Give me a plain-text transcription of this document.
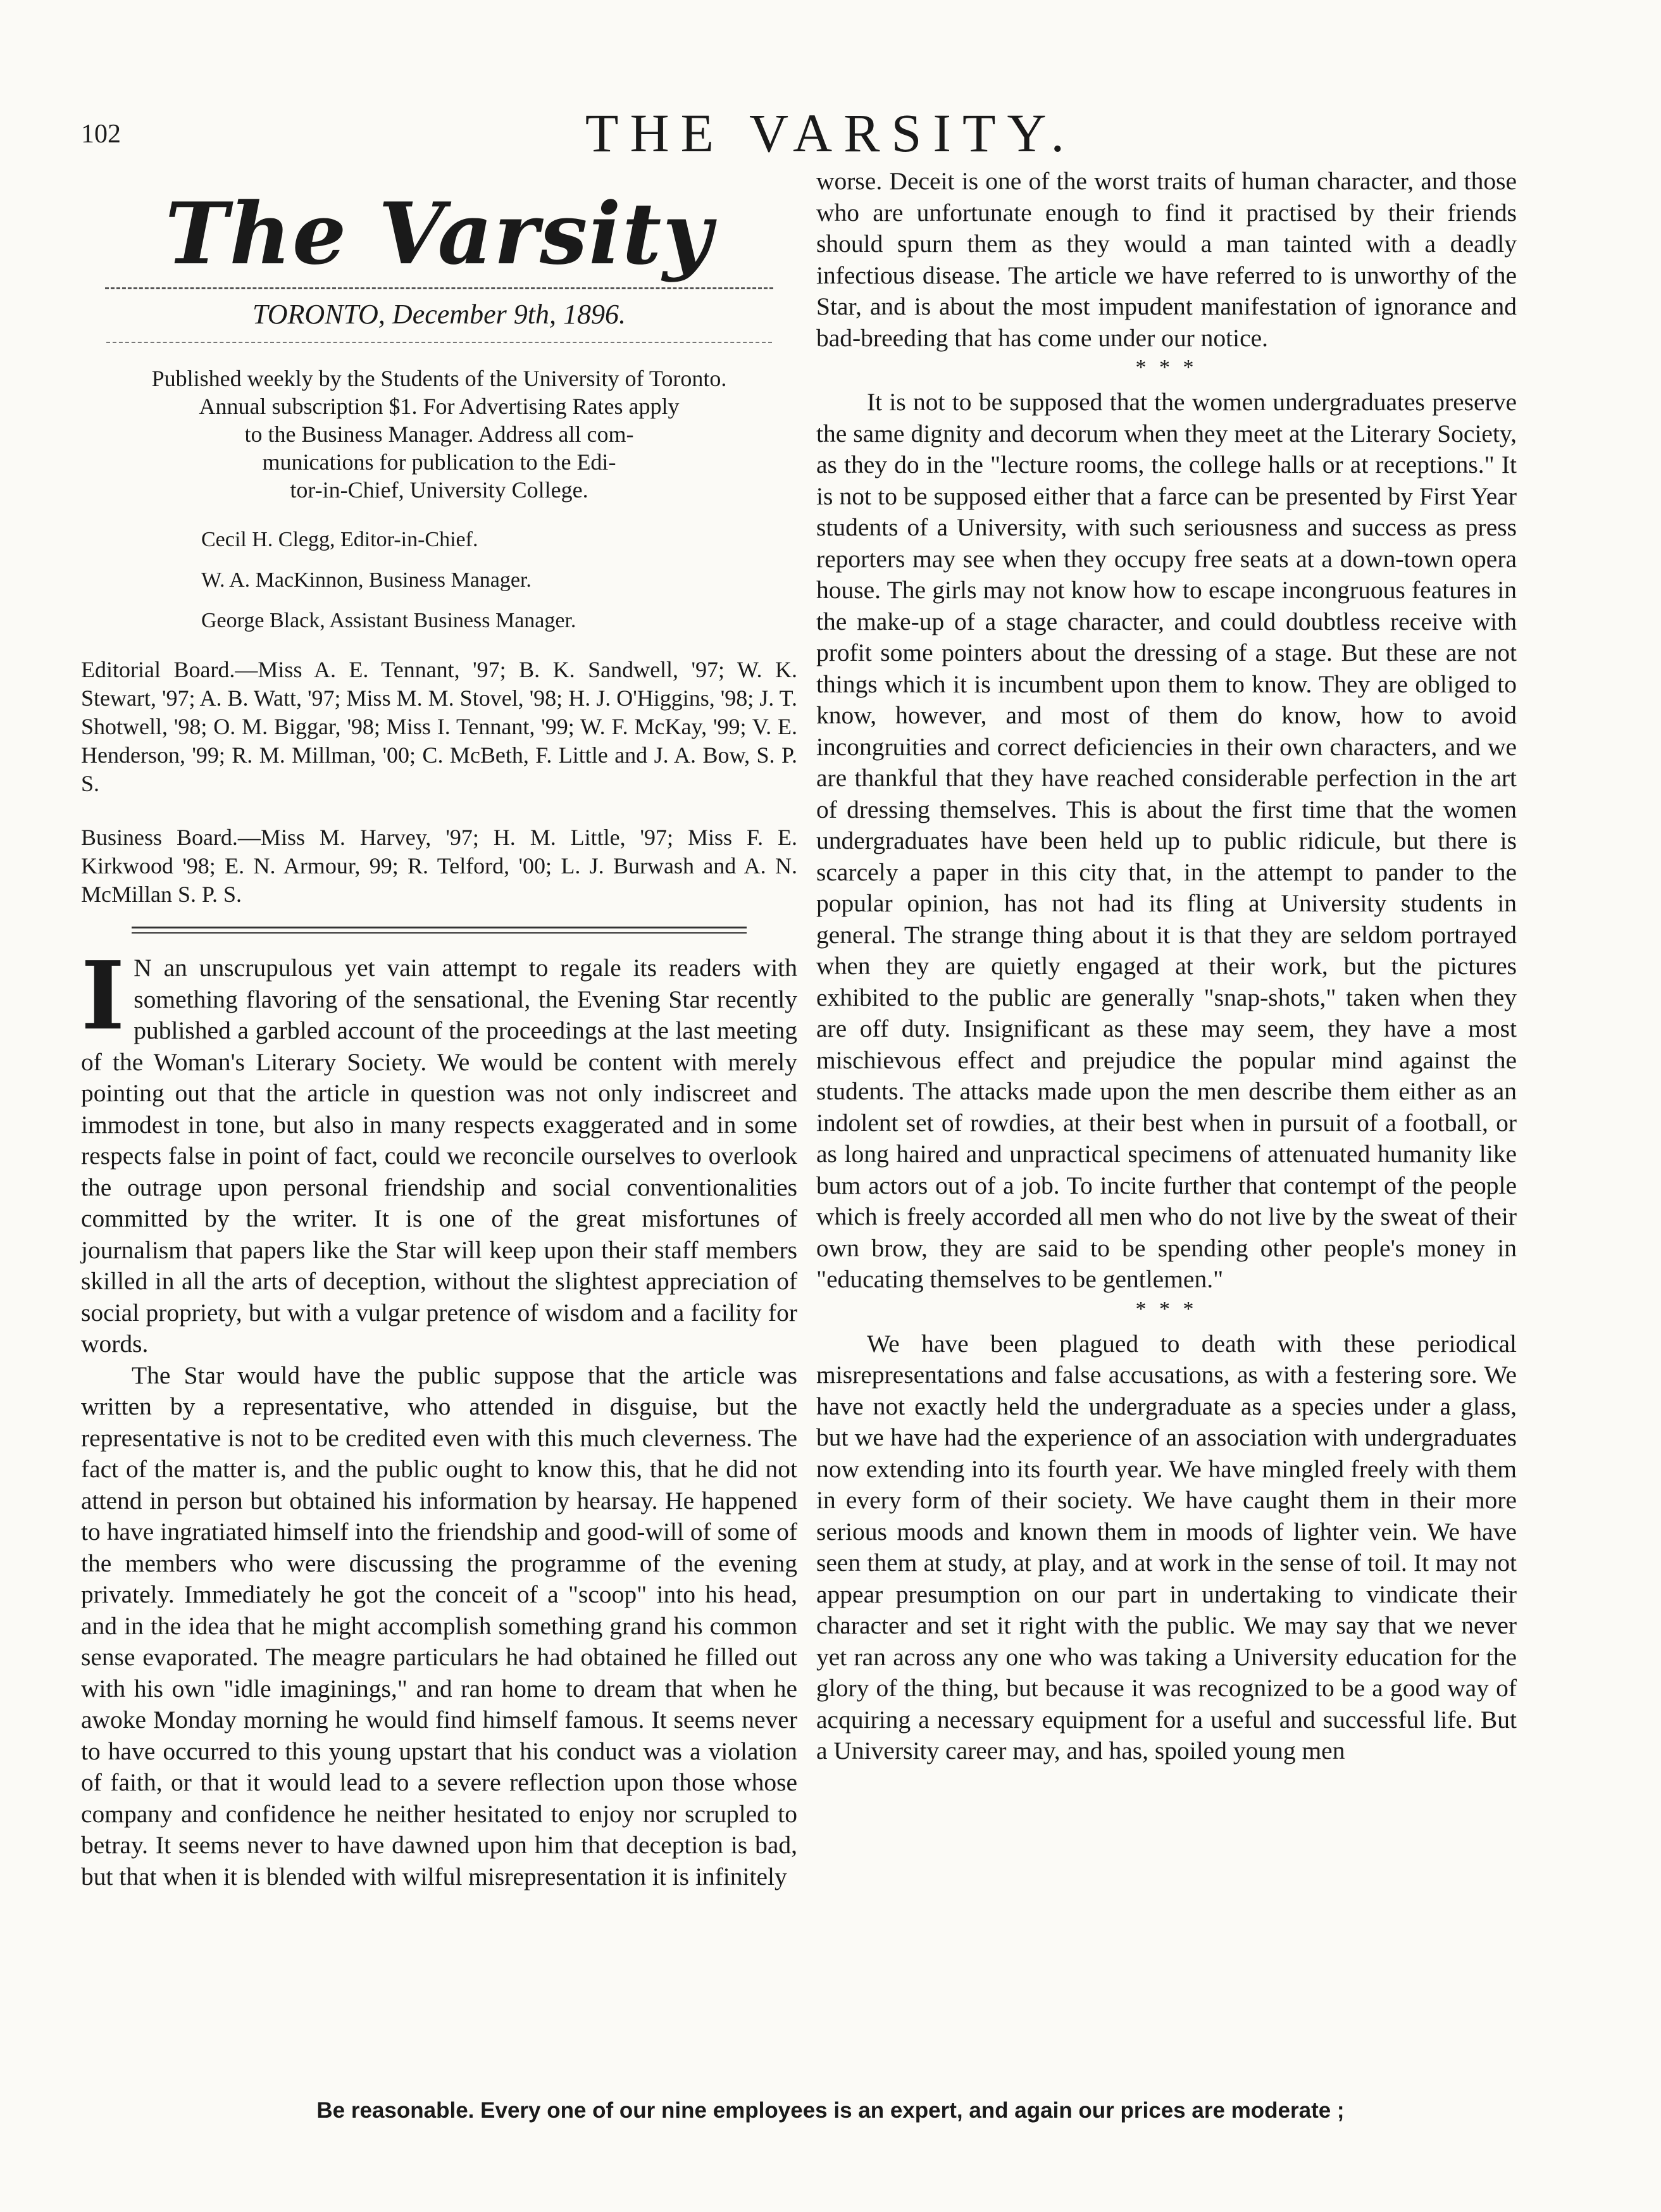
102	THE VARSITY.
The Varsity
TORONTO, December 9th, 1896.
Published weekly by the Students of the University of Toronto.
Annual subscription $1. For Advertising Rates apply
to the Business Manager. Address all com-
munications for publication to the Edi-
tor-in-Chief, University College.
Cecil H. Clegg, Editor-in-Chief.
W. A. MacKinnon, Business Manager.
George Black, Assistant Business Manager.
Editorial Board.—Miss A. E. Tennant, '97; B. K. Sandwell, '97; W. K. Stewart, '97; A. B. Watt, '97; Miss M. M. Stovel, '98; H. J. O'Higgins, '98; J. T. Shotwell, '98; O. M. Biggar, '98; Miss I. Tennant, '99; W. F. McKay, '99; V. E. Henderson, '99; R. M. Millman, '00; C. McBeth, F. Little and J. A. Bow, S. P. S.
Business Board.—Miss M. Harvey, '97; H. M. Little, '97; Miss F. E. Kirkwood '98; E. N. Armour, 99; R. Telford, '00; L. J. Burwash and A. N. McMillan S. P. S.

I N an unscrupulous yet vain attempt to regale its readers with something flavoring of the sensational, the Evening Star recently published a garbled account of the proceedings at the last meeting of the Woman's Literary Society. We would be content with merely pointing out that the article in question was not only indiscreet and immodest in tone, but also in many respects exaggerated and in some respects false in point of fact, could we reconcile ourselves to overlook the outrage upon personal friendship and social conventionalities committed by the writer. It is one of the great misfortunes of journalism that papers like the Star will keep upon their staff members skilled in all the arts of deception, without the slightest appreciation of social propriety, but with a vulgar pretence of wisdom and a facility for words.

The Star would have the public suppose that the article was written by a representative, who attended in disguise, but the representative is not to be credited even with this much cleverness. The fact of the matter is, and the public ought to know this, that he did not attend in person but obtained his information by hearsay. He happened to have ingratiated himself into the friendship and good-will of some of the members who were discussing the programme of the evening privately. Immediately he got the conceit of a "scoop" into his head, and in the idea that he might accomplish something grand his common sense evaporated. The meagre particulars he had obtained he filled out with his own "idle imaginings," and ran home to dream that when he awoke Monday morning he would find himself famous. It seems never to have occurred to this young upstart that his conduct was a violation of faith, or that it would lead to a severe reflection upon those whose company and confidence he neither hesitated to enjoy nor scrupled to betray. It seems never to have dawned upon him that deception is bad, but that when it is blended with wilful misrepresentation it is infinitely

worse. Deceit is one of the worst traits of human character, and those who are unfortunate enough to find it practised by their friends should spurn them as they would a man tainted with a deadly infectious disease. The article we have referred to is unworthy of the Star, and is about the most impudent manifestation of ignorance and bad-breeding that has come under our notice.

* * *

It is not to be supposed that the women undergraduates preserve the same dignity and decorum when they meet at the Literary Society, as they do in the "lecture rooms, the college halls or at receptions." It is not to be supposed either that a farce can be presented by First Year students of a University, with such seriousness and success as press reporters may see when they occupy free seats at a down-town opera house. The girls may not know how to escape incongruous features in the make-up of a stage character, and could doubtless receive with profit some pointers about the dressing of a stage. But these are not things which it is incumbent upon them to know. They are obliged to know, however, and most of them do know, how to avoid incongruities and correct deficiencies in their own characters, and we are thankful that they have reached considerable perfection in the art of dressing themselves. This is about the first time that the women undergraduates have been held up to public ridicule, but there is scarcely a paper in this city that, in the attempt to pander to the popular opinion, has not had its fling at University students in general. The strange thing about it is that they are seldom portrayed when they are quietly engaged at their work, but the pictures exhibited to the public are generally "snap-shots," taken when they are off duty. Insignificant as these may seem, they have a most mischievous effect and prejudice the popular mind against the students. The attacks made upon the men describe them either as an indolent set of rowdies, at their best when in pursuit of a football, or as long haired and unpractical specimens of attenuated humanity like bum actors out of a job. To incite further that contempt of the people which is freely accorded all men who do not live by the sweat of their own brow, they are said to be spending other people's money in "educating themselves to be gentlemen."

* * *

We have been plagued to death with these periodical misrepresentations and false accusations, as with a festering sore. We have not exactly held the undergraduate as a species under a glass, but we have had the experience of an association with undergraduates now extending into its fourth year. We have mingled freely with them in every form of their society. We have caught them in their more serious moods and known them in moods of lighter vein. We have seen them at study, at play, and at work in the sense of toil. It may not appear presumption on our part in undertaking to vindicate their character and set it right with the public. We may say that we never yet ran across any one who was taking a University education for the glory of the thing, but because it was recognized to be a good way of acquiring a necessary equipment for a useful and successful life. But a University career may, and has, spoiled young men

Be reasonable. Every one of our nine employees is an expert, and again our prices are moderate ;
